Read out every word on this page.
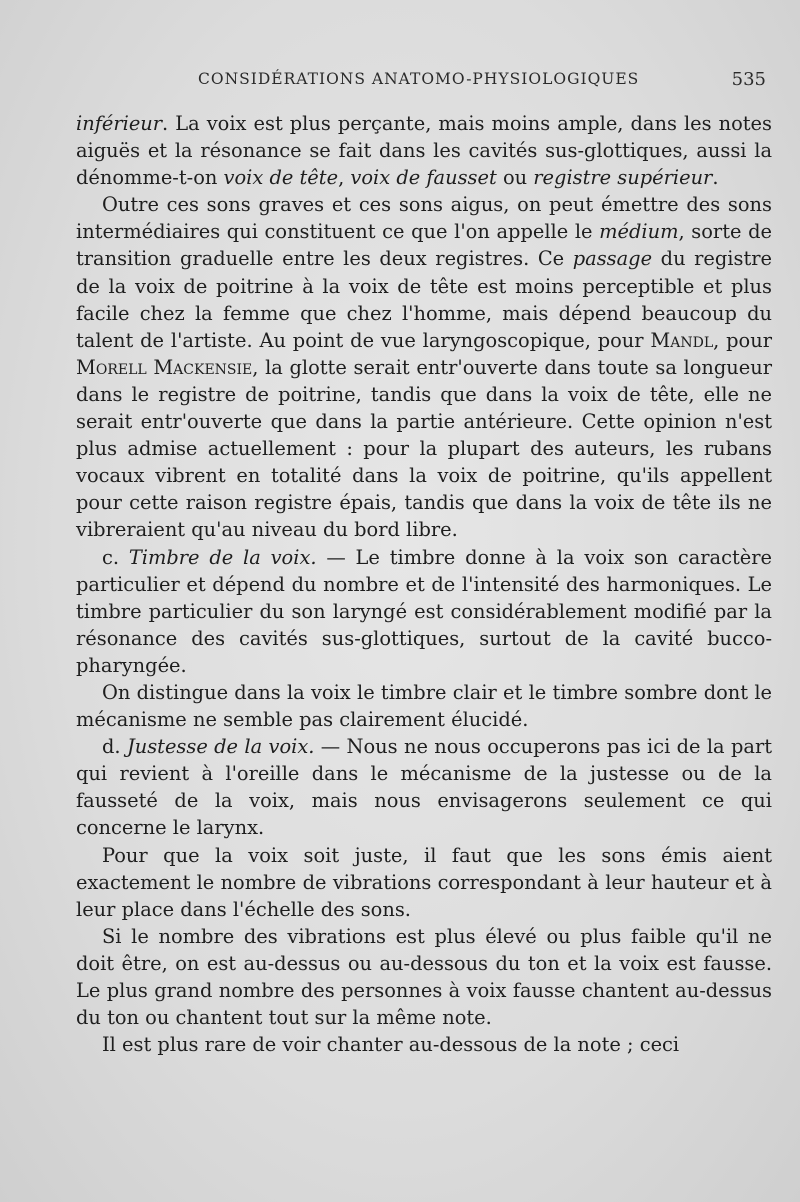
CONSIDÉRATIONS ANATOMO-PHYSIOLOGIQUES	535

inférieur. La voix est plus perçante, mais moins ample, dans les notes aiguës et la résonance se fait dans les cavités sus-glottiques, aussi la dénomme-t-on voix de tête, voix de fausset ou registre supérieur.

Outre ces sons graves et ces sons aigus, on peut émettre des sons intermédiaires qui constituent ce que l'on appelle le médium, sorte de transition graduelle entre les deux registres. Ce passage du registre de la voix de poitrine à la voix de tête est moins perceptible et plus facile chez la femme que chez l'homme, mais dépend beaucoup du talent de l'artiste. Au point de vue laryngoscopique, pour Mandl, pour Morell Mackensie, la glotte serait entr'ouverte dans toute sa longueur dans le registre de poitrine, tandis que dans la voix de tête, elle ne serait entr'ouverte que dans la partie antérieure. Cette opinion n'est plus admise actuellement : pour la plupart des auteurs, les rubans vocaux vibrent en totalité dans la voix de poitrine, qu'ils appellent pour cette raison registre épais, tandis que dans la voix de tête ils ne vibreraient qu'au niveau du bord libre.

c. Timbre de la voix. — Le timbre donne à la voix son caractère particulier et dépend du nombre et de l'intensité des harmoniques. Le timbre particulier du son laryngé est considérablement modifié par la résonance des cavités sus-glottiques, surtout de la cavité bucco-pharyngée.

On distingue dans la voix le timbre clair et le timbre sombre dont le mécanisme ne semble pas clairement élucidé.

d. Justesse de la voix. — Nous ne nous occuperons pas ici de la part qui revient à l'oreille dans le mécanisme de la justesse ou de la fausseté de la voix, mais nous envisagerons seulement ce qui concerne le larynx.

Pour que la voix soit juste, il faut que les sons émis aient exactement le nombre de vibrations correspondant à leur hauteur et à leur place dans l'échelle des sons.

Si le nombre des vibrations est plus élevé ou plus faible qu'il ne doit être, on est au-dessus ou au-dessous du ton et la voix est fausse. Le plus grand nombre des personnes à voix fausse chantent au-dessus du ton ou chantent tout sur la même note.

Il est plus rare de voir chanter au-dessous de la note ; ceci
